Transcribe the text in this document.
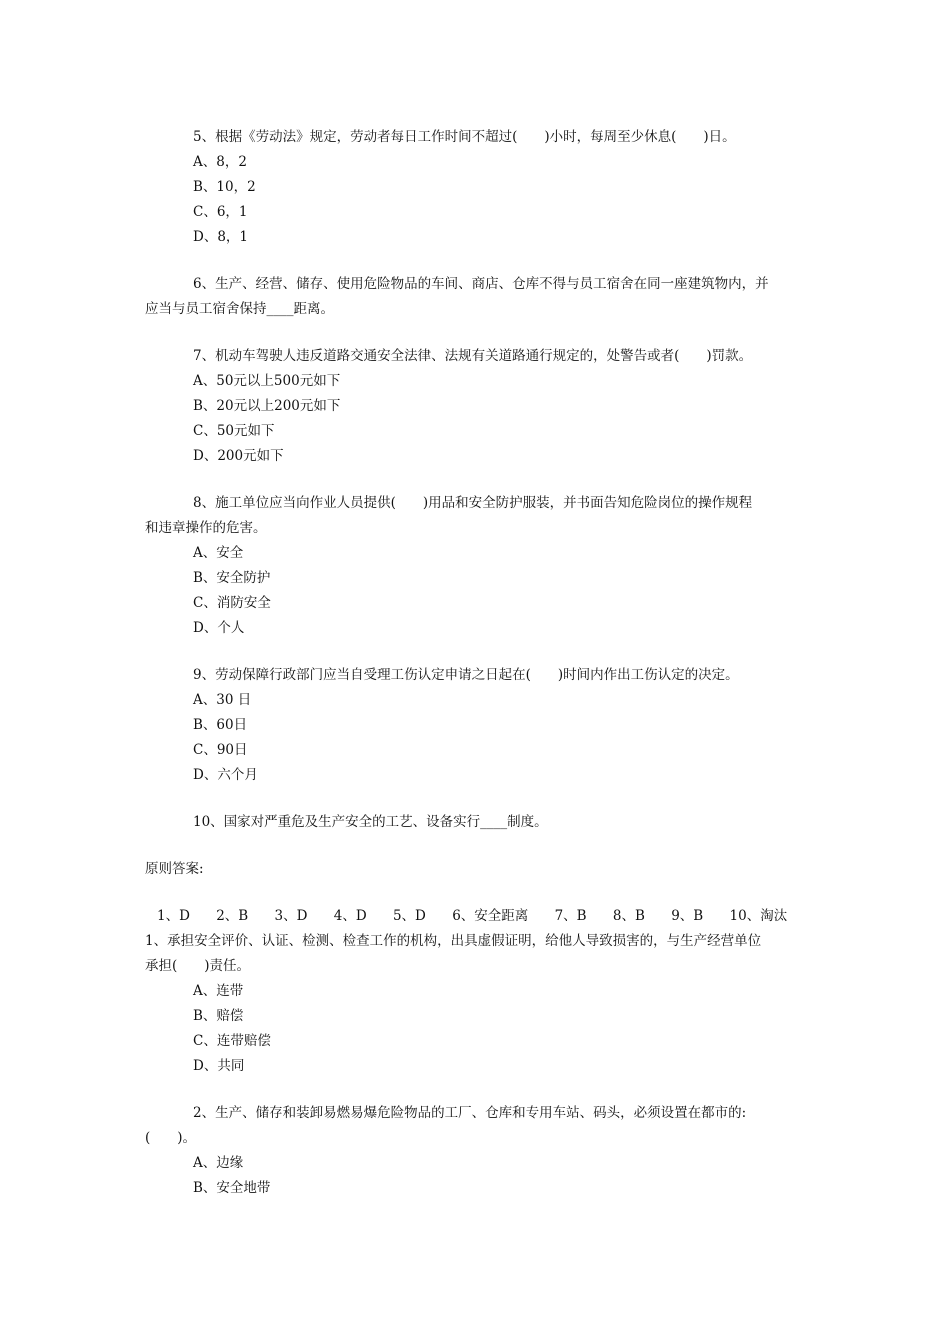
5、根据《劳动法》规定，劳动者每日工作时间不超过(　　)小时，每周至少休息(　　)日。
A、8，2
B、10，2
C、6，1
D、8，1
6、生产、经营、储存、使用危险物品的车间、商店、仓库不得与员工宿舍在同一座建筑物内，并
应当与员工宿舍保持____距离。
7、机动车驾驶人违反道路交通安全法律、法规有关道路通行规定的，处警告或者(　　)罚款。
A、50元以上500元如下
B、20元以上200元如下
C、50元如下
D、200元如下
8、施工单位应当向作业人员提供(　　)用品和安全防护服装，并书面告知危险岗位的操作规程
和违章操作的危害。
A、安全
B、安全防护
C、消防安全
D、个人
9、劳动保障行政部门应当自受理工伤认定申请之日起在(　　)时间内作出工伤认定的决定。
A、30 日
B、60日
C、90日
D、六个月
10、国家对严重危及生产安全的工艺、设备实行____制度。
原则答案:
1、D 2、B 3、D 4、D 5、D 6、安全距离 7、B 8、B 9、B 10、淘汰
1、承担安全评价、认证、检测、检查工作的机构，出具虚假证明，给他人导致损害的，与生产经营单位
承担(　　)责任。
A、连带
B、赔偿
C、连带赔偿
D、共同
2、生产、储存和装卸易燃易爆危险物品的工厂、仓库和专用车站、码头，必须设置在都市的:
(　　)。
A、边缘
B、安全地带
